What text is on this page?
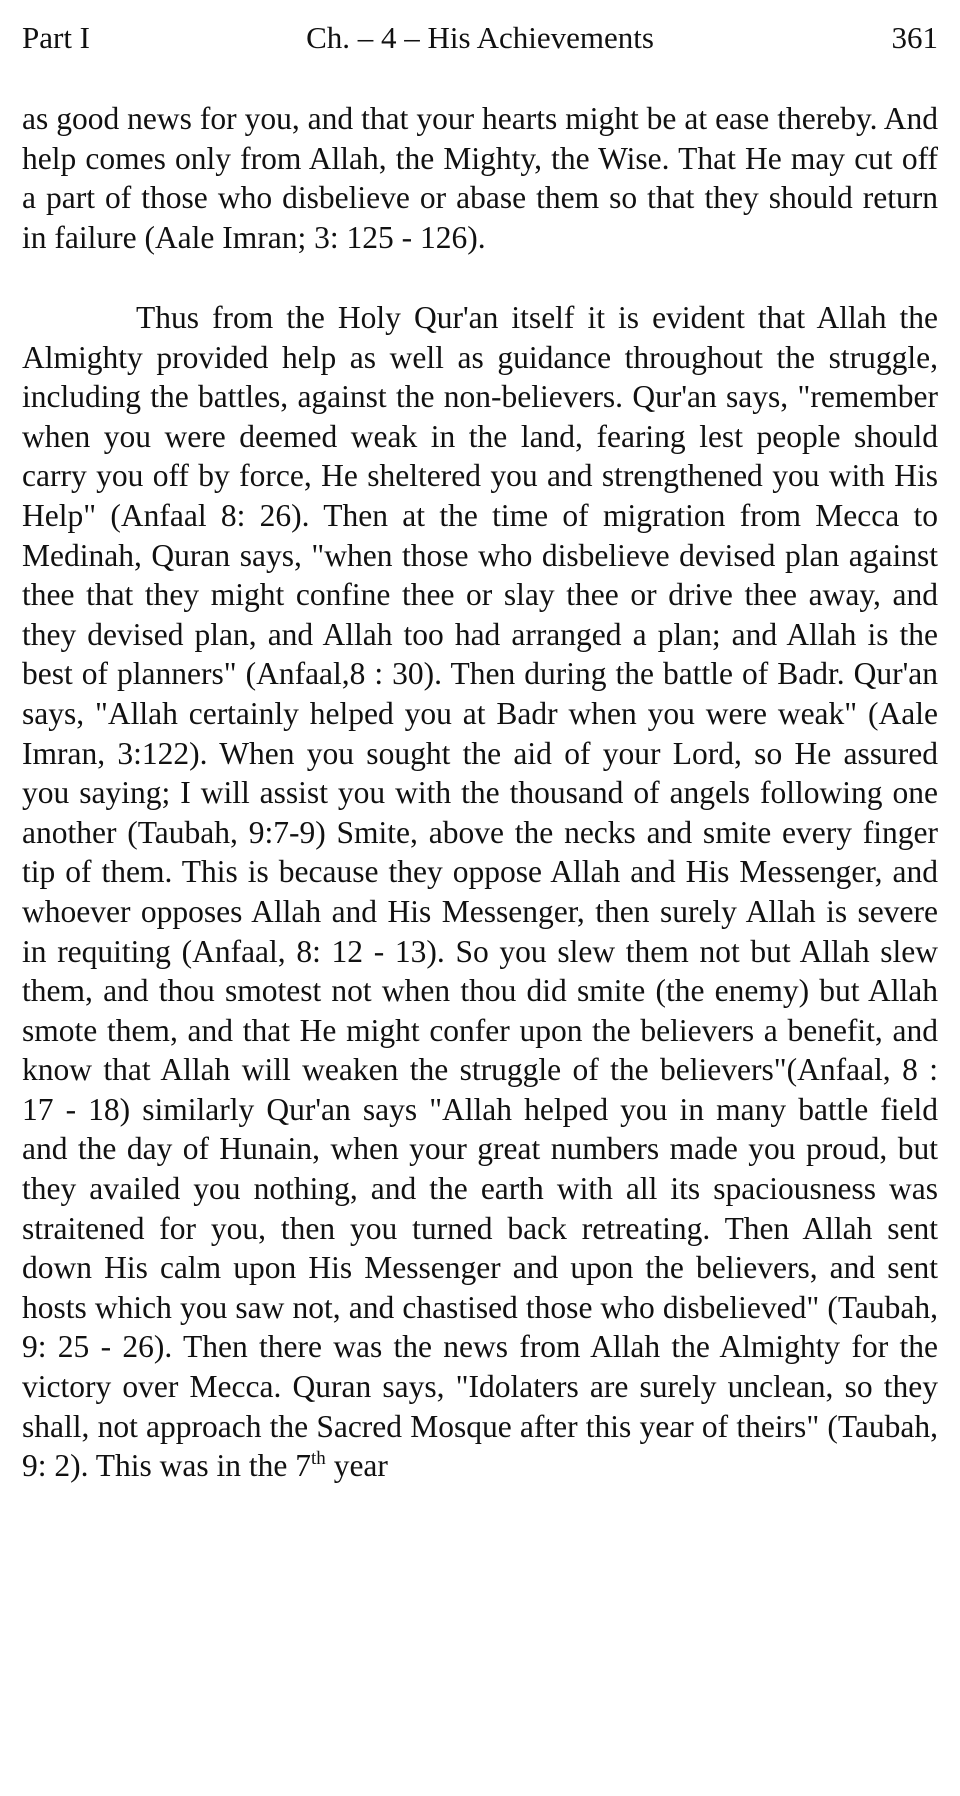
Part I	Ch. – 4 – His Achievements	361

as good news for you, and that your hearts might be at ease thereby. And help comes only from Allah, the Mighty, the Wise. That He may cut off a part of those who disbelieve or abase them so that they should return in failure (Aale Imran; 3: 125 - 126).

Thus from the Holy Qur'an itself it is evident that Allah the Almighty provided help as well as guidance throughout the struggle, including the battles, against the non-believers. Qur'an says, "remember when you were deemed weak in the land, fearing lest people should carry you off by force, He sheltered you and strengthened you with His Help" (Anfaal 8: 26). Then at the time of migration from Mecca to Medinah, Quran says, "when those who disbelieve devised plan against thee that they might confine thee or slay thee or drive thee away, and they devised plan, and Allah too had arranged a plan; and Allah is the best of planners" (Anfaal,8 : 30). Then during the battle of Badr. Qur'an says, "Allah certainly helped you at Badr when you were weak" (Aale Imran, 3:122). When you sought the aid of your Lord, so He assured you saying; I will assist you with the thousand of angels following one another (Taubah, 9:7-9) Smite, above the necks and smite every finger tip of them. This is because they oppose Allah and His Messenger, and whoever opposes Allah and His Messenger, then surely Allah is severe in requiting (Anfaal, 8: 12 - 13). So you slew them not but Allah slew them, and thou smotest not when thou did smite (the enemy) but Allah smote them, and that He might confer upon the believers a benefit, and know that Allah will weaken the struggle of the believers"(Anfaal, 8 : 17 - 18) similarly Qur'an says "Allah helped you in many battle field and the day of Hunain, when your great numbers made you proud, but they availed you nothing, and the earth with all its spaciousness was straitened for you, then you turned back retreating. Then Allah sent down His calm upon His Messenger and upon the believers, and sent hosts which you saw not, and chastised those who disbelieved" (Taubah, 9: 25 - 26). Then there was the news from Allah the Almighty for the victory over Mecca. Quran says, "Idolaters are surely unclean, so they shall, not approach the Sacred Mosque after this year of theirs" (Taubah, 9: 2). This was in the 7th year
